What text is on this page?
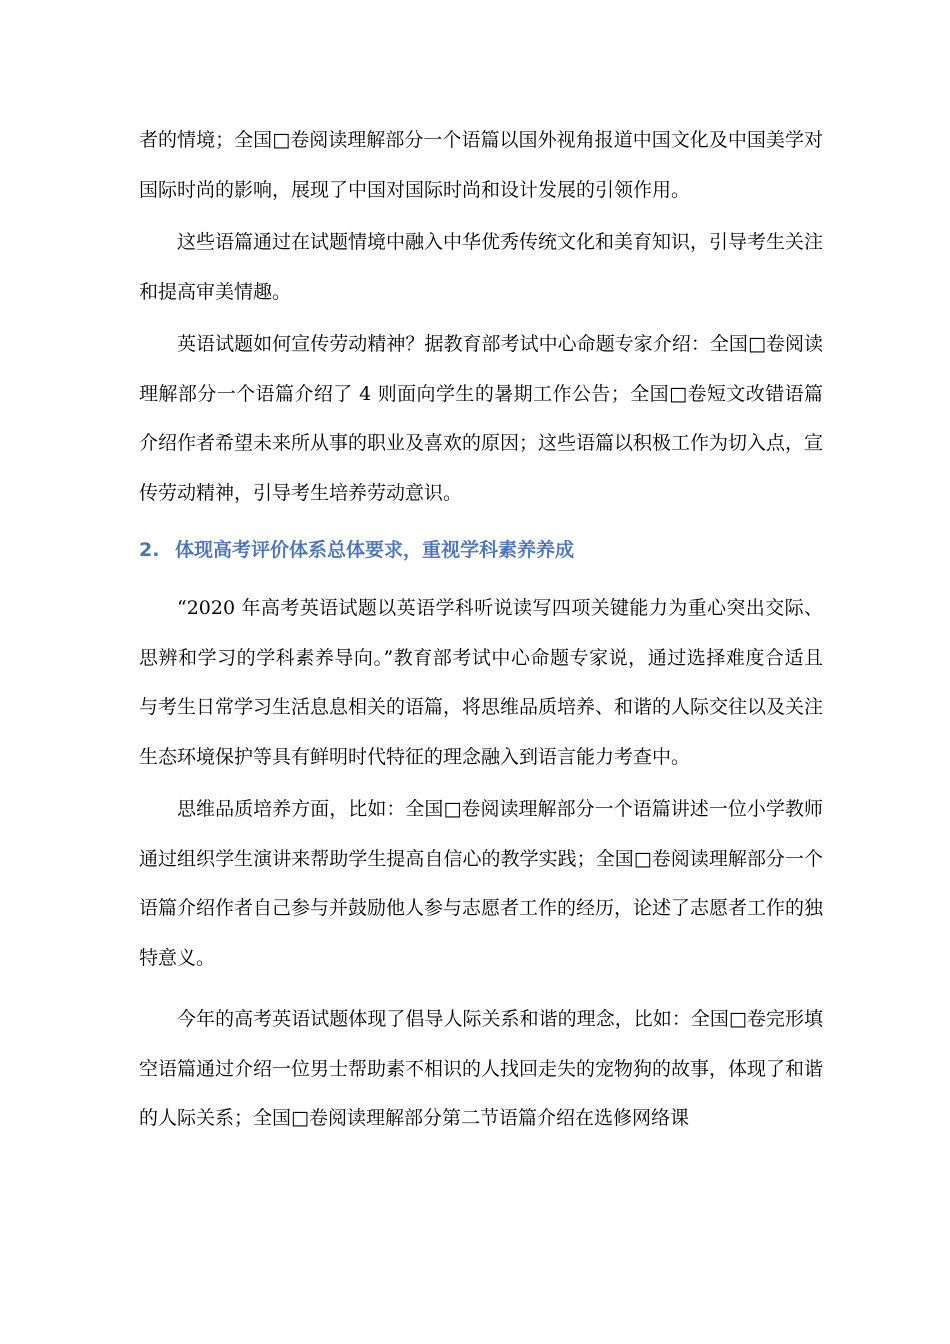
者的情境；全国□卷阅读理解部分一个语篇以国外视角报道中国文化及中国美学对国际时尚的影响，展现了中国对国际时尚和设计发展的引领作用。

这些语篇通过在试题情境中融入中华优秀传统文化和美育知识，引导考生关注和提高审美情趣。

英语试题如何宣传劳动精神？据教育部考试中心命题专家介绍：全国□卷阅读理解部分一个语篇介绍了 4 则面向学生的暑期工作公告；全国□卷短文改错语篇介绍作者希望未来所从事的职业及喜欢的原因；这些语篇以积极工作为切入点，宣传劳动精神，引导考生培养劳动意识。

2. 体现高考评价体系总体要求，重视学科素养养成

“2020 年高考英语试题以英语学科听说读写四项关键能力为重心突出交际、思辨和学习的学科素养导向。”教育部考试中心命题专家说，通过选择难度合适且与考生日常学习生活息息相关的语篇，将思维品质培养、和谐的人际交往以及关注生态环境保护等具有鲜明时代特征的理念融入到语言能力考查中。

思维品质培养方面，比如：全国□卷阅读理解部分一个语篇讲述一位小学教师通过组织学生演讲来帮助学生提高自信心的教学实践；全国□卷阅读理解部分一个语篇介绍作者自己参与并鼓励他人参与志愿者工作的经历，论述了志愿者工作的独特意义。

今年的高考英语试题体现了倡导人际关系和谐的理念，比如：全国□卷完形填空语篇通过介绍一位男士帮助素不相识的人找回走失的宠物狗的故事，体现了和谐的人际关系；全国□卷阅读理解部分第二节语篇介绍在选修网络课
